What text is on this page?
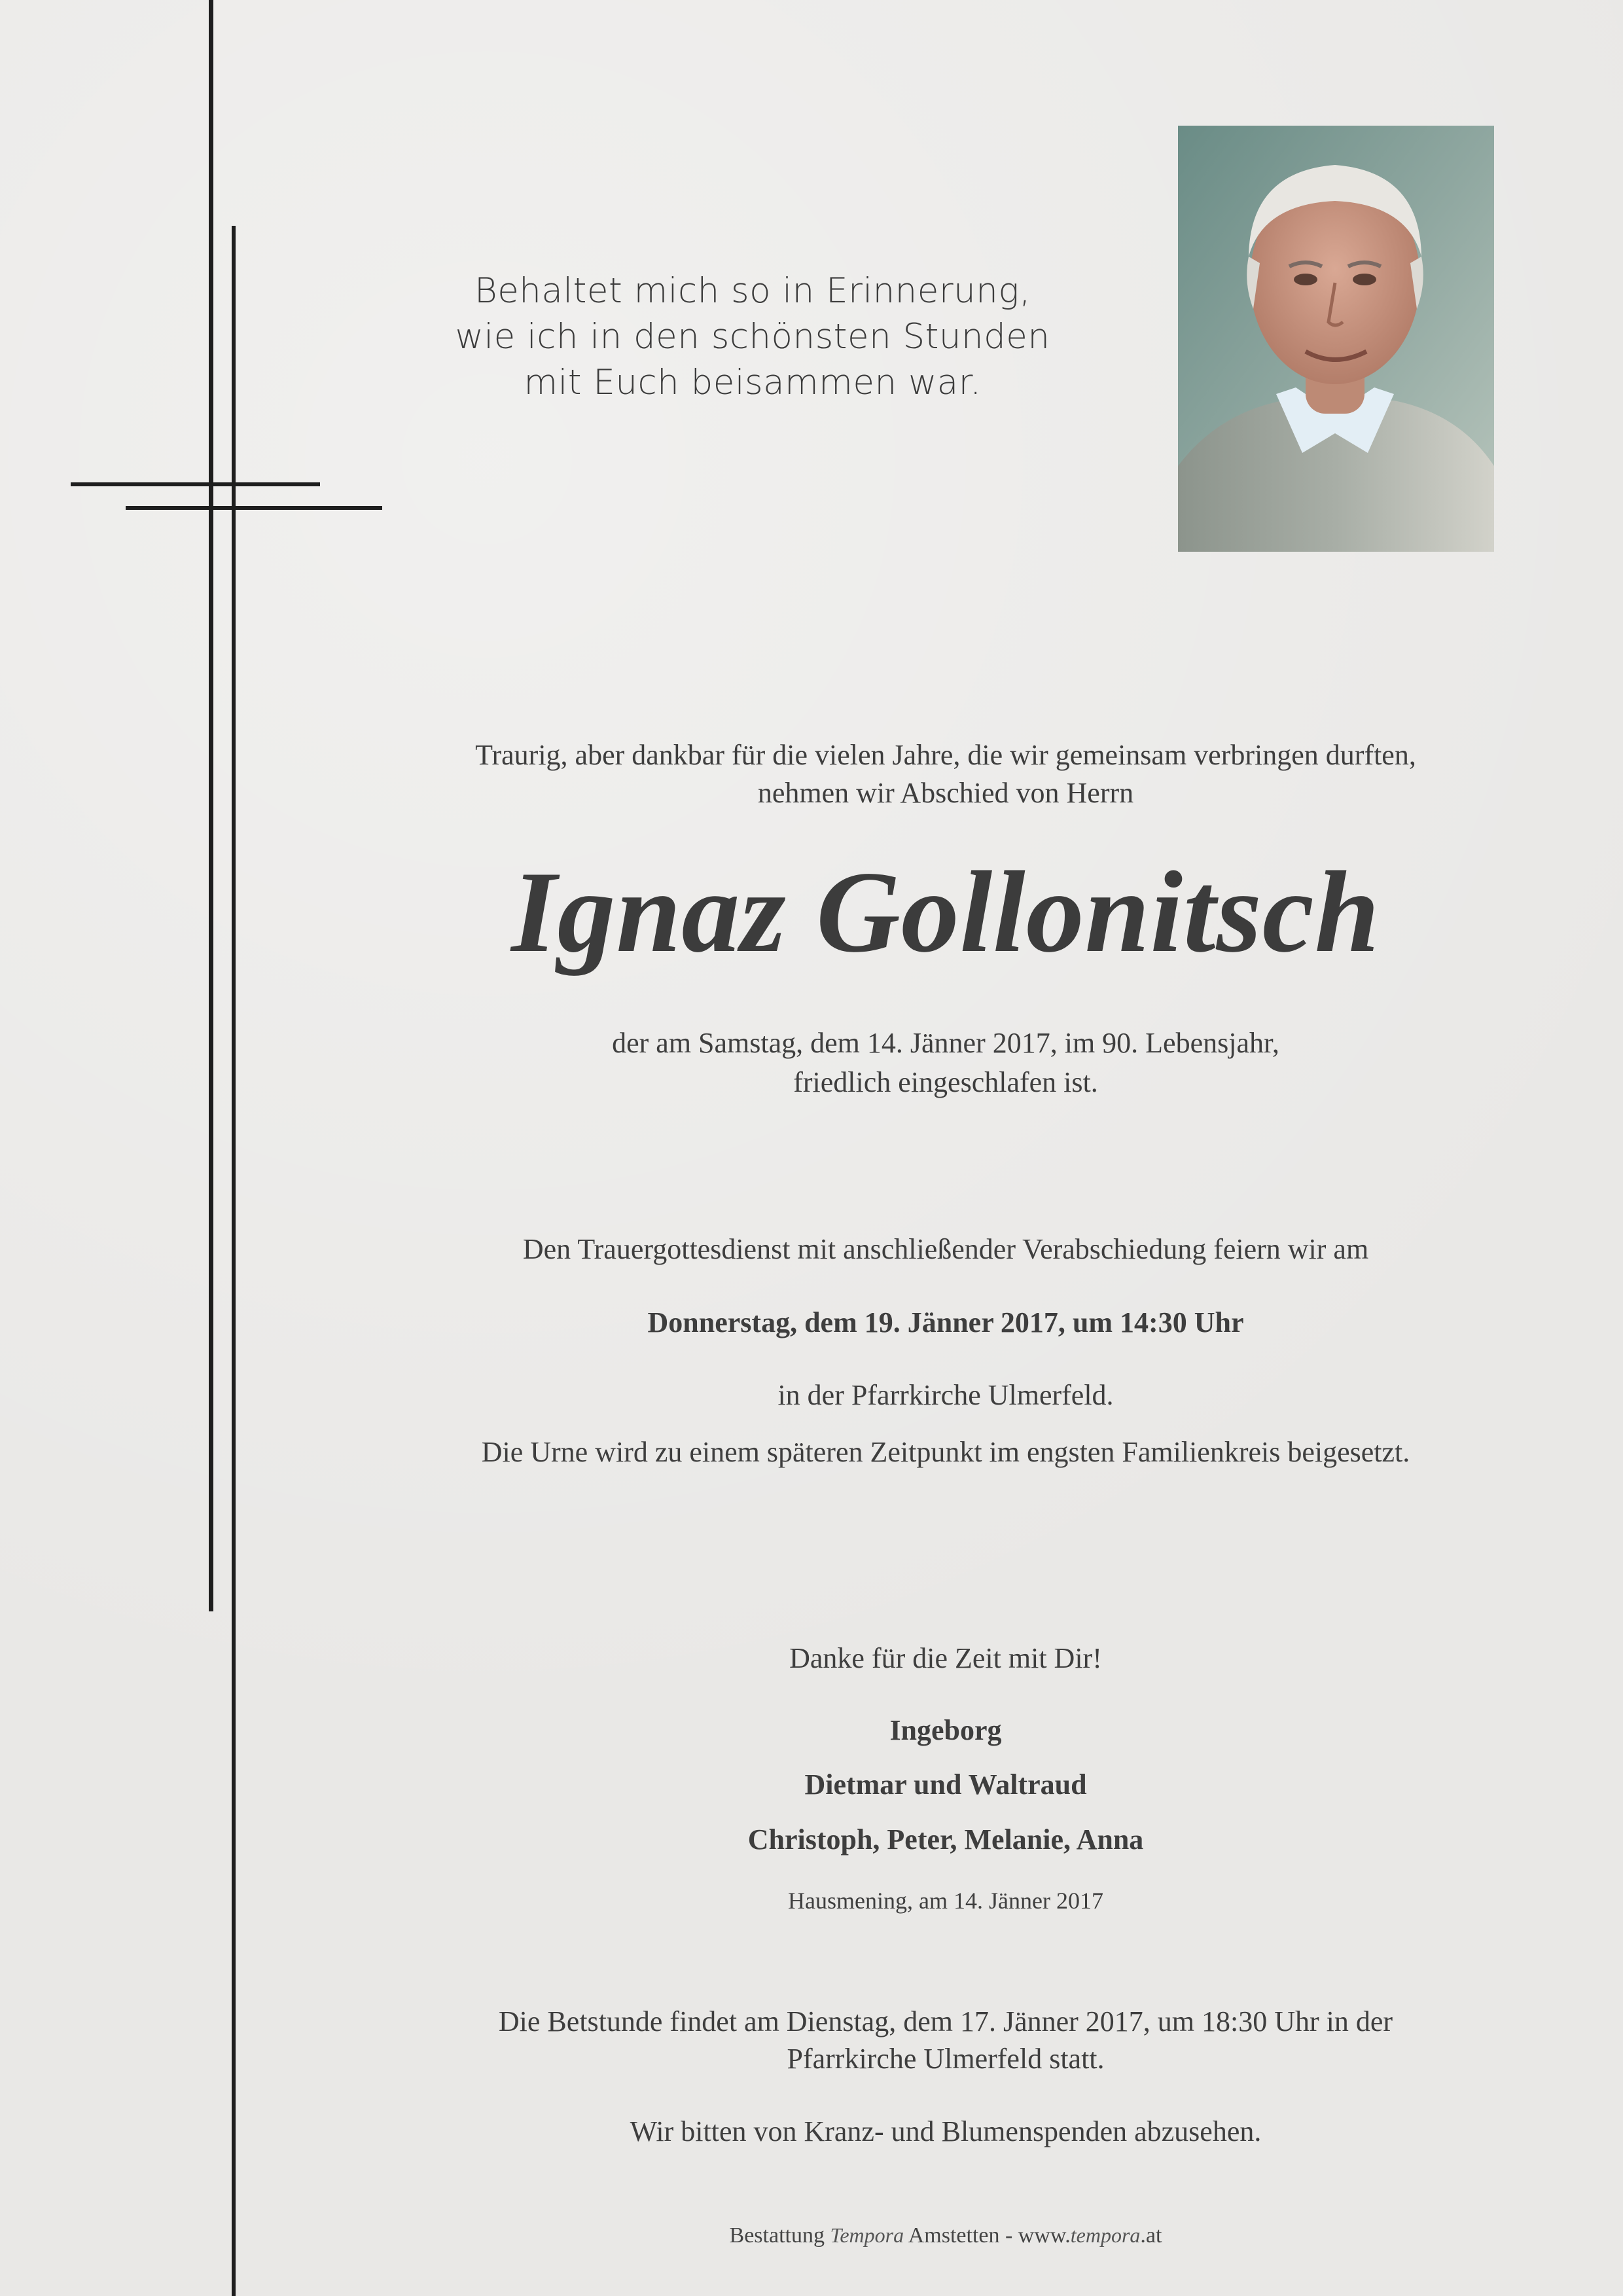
Behaltet mich so in Erinnerung,
wie ich in den schönsten Stunden
mit Euch beisammen war.
Traurig, aber dankbar für die vielen Jahre, die wir gemeinsam verbringen durften,
nehmen wir Abschied von Herrn
Ignaz Gollonitsch
der am Samstag, dem 14. Jänner 2017, im 90. Lebensjahr,
friedlich eingeschlafen ist.
Den Trauergottesdienst mit anschließender Verabschiedung feiern wir am
Donnerstag, dem 19. Jänner 2017, um 14:30 Uhr
in der Pfarrkirche Ulmerfeld.
Die Urne wird zu einem späteren Zeitpunkt im engsten Familienkreis beigesetzt.
Danke für die Zeit mit Dir!
Ingeborg
Dietmar und Waltraud
Christoph, Peter, Melanie, Anna
Hausmening, am 14. Jänner 2017
Die Betstunde findet am Dienstag, dem 17. Jänner 2017, um 18:30 Uhr in der
Pfarrkirche Ulmerfeld statt.
Wir bitten von Kranz- und Blumenspenden abzusehen.
Bestattung Tempora Amstetten - www.tempora.at
